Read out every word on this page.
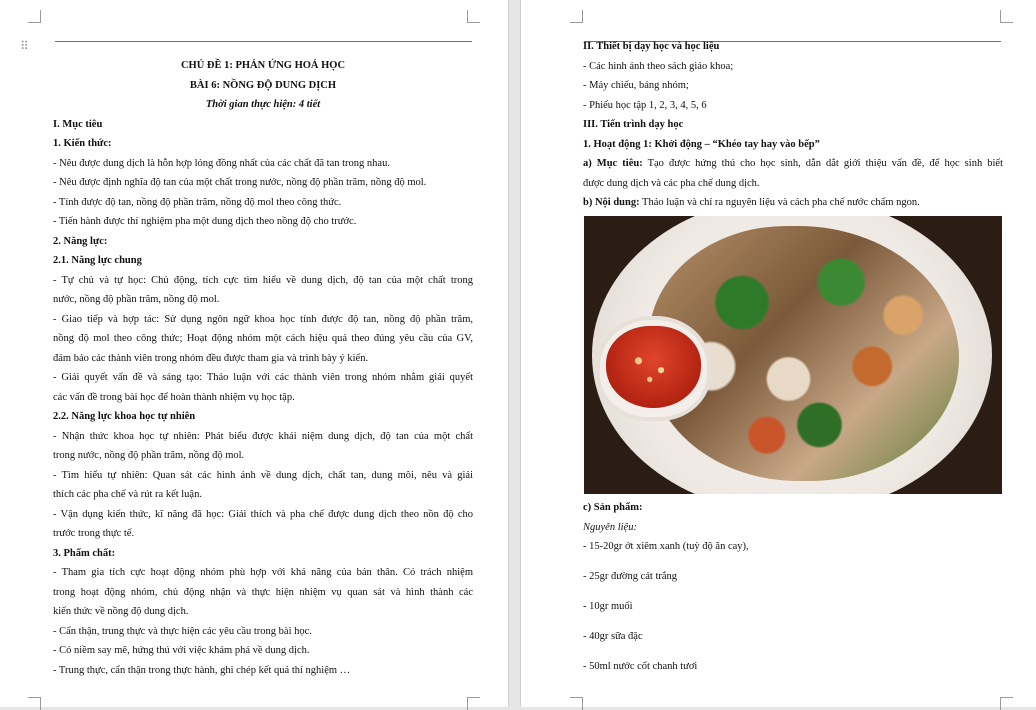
⠿
CHỦ ĐỀ 1: PHẢN ỨNG HOÁ HỌC
BÀI 6: NỒNG ĐỘ DUNG DỊCH
Thời gian thực hiện: 4 tiết
I. Mục tiêu
1. Kiến thức:
- Nêu được dung dịch là hỗn hợp lỏng đồng nhất của các chất đã tan trong nhau.
- Nêu được định nghĩa độ tan của một chất trong nước, nồng độ phần trăm, nồng độ mol.
- Tính được độ tan, nồng độ phần trăm, nồng độ mol theo công thức.
- Tiến hành được thí nghiệm pha một dung dịch theo nồng độ cho trước.
2. Năng lực:
2.1. Năng lực chung
- Tự chủ và tự học: Chủ động, tích cực tìm hiểu về dung dịch, độ tan của một chất trong
nước, nồng độ phần trăm, nồng độ mol.
- Giao tiếp và hợp tác: Sử dụng ngôn ngữ khoa học tính được độ tan, nồng độ phần trăm,
nồng độ mol theo công thức; Hoạt động nhóm một cách hiệu quả theo đúng yêu cầu của GV,
đảm bảo các thành viên trong nhóm đều được tham gia và trình bày ý kiến.
- Giải quyết vấn đề và sáng tạo: Thảo luận với các thành viên trong nhóm nhằm giải quyết
các vấn đề trong bài học để hoàn thành nhiệm vụ học tập.
2.2. Năng lực khoa học tự nhiên
- Nhận thức khoa học tự nhiên: Phát biểu được khái niệm dung dịch, độ tan của một chất
trong nước, nồng độ phần trăm, nồng độ mol.
- Tìm hiểu tự nhiên: Quan sát các hình ảnh về dung dịch, chất tan, dung môi, nêu và giải
thích các pha chế và rút ra kết luận.
- Vận dụng kiến thức, kĩ năng đã học: Giải thích và pha chế được dung dịch theo nồn độ cho
trước trong thực tế.
3. Phẩm chất:
- Tham gia tích cực hoạt động nhóm phù hợp với khả năng của bản thân. Có trách nhiệm
trong hoạt động nhóm, chủ động nhận và thực hiện nhiệm vụ quan sát và hình thành các
kiến thức về nồng độ dung dịch.
- Cẩn thận, trung thực và thực hiện các yêu cầu trong bài học.
- Có niềm say mê, hứng thú với việc khám phá về dung dịch.
- Trung thực, cẩn thận trong thực hành, ghi chép kết quả thí nghiệm …
II. Thiết bị dạy học và học liệu
- Các hình ảnh theo sách giáo khoa;
- Máy chiếu, bảng nhóm;
- Phiếu học tập 1, 2, 3, 4, 5, 6
III. Tiến trình dạy học
1. Hoạt động 1: Khởi động – “Khéo tay hay vào bếp”
a) Mục tiêu: Tạo được hứng thú cho học sinh, dẫn dắt giới thiệu vấn đề, để học sinh biết
được dung dịch và các pha chế dung dịch.
b) Nội dung: Thảo luận và chỉ ra nguyên liệu và cách pha chế nước chấm ngon.
c) Sản phẩm:
Nguyên liệu:
- 15-20gr ớt xiêm xanh (tuỳ độ ăn cay),
- 25gr đường cát trắng
- 10gr muối
- 40gr sữa đặc
- 50ml nước cốt chanh tươi
